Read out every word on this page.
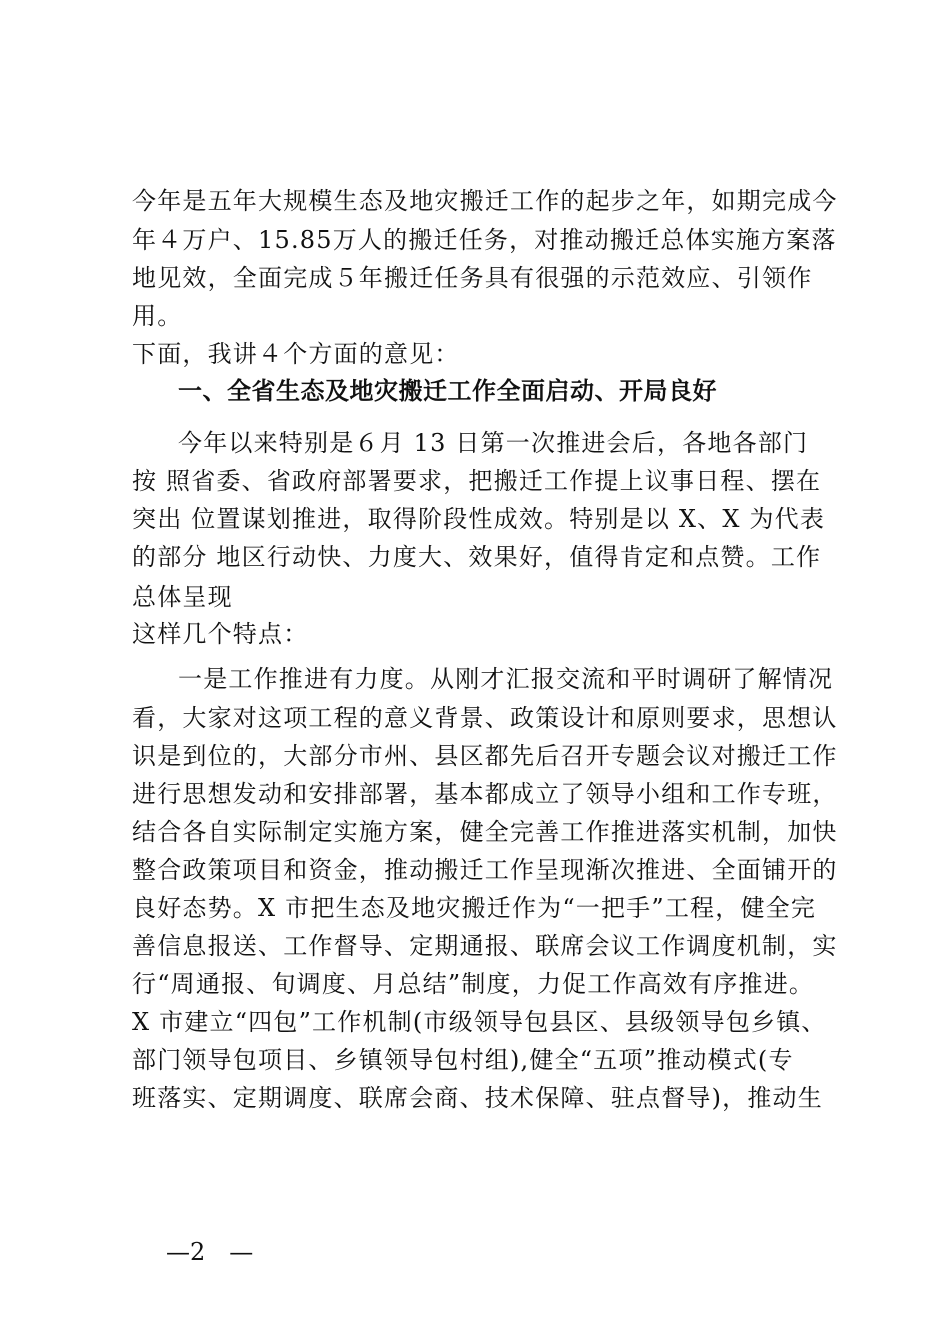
今年是五年大规模生态及地灾搬迁工作的起步之年，如期完成今
年４万户、15.85万人的搬迁任务，对推动搬迁总体实施方案落
地见效，全面完成５年搬迁任务具有很强的示范效应、引领作
用。
下面，我讲４个方面的意见：
一、全省生态及地灾搬迁工作全面启动、开局良好
今年以来特别是６月 13 日第一次推进会后，各地各部门
按 照省委、省政府部署要求，把搬迁工作提上议事日程、摆在
突出 位置谋划推进，取得阶段性成效。特别是以 X、X 为代表
的部分 地区行动快、力度大、效果好，值得肯定和点赞。工作
总体呈现
这样几个特点：
一是工作推进有力度。从刚才汇报交流和平时调研了解情况
看，大家对这项工程的意义背景、政策设计和原则要求，思想认
识是到位的，大部分市州、县区都先后召开专题会议对搬迁工作
进行思想发动和安排部署，基本都成立了领导小组和工作专班，
结合各自实际制定实施方案，健全完善工作推进落实机制，加快
整合政策项目和资金，推动搬迁工作呈现渐次推进、全面铺开的
良好态势。X 市把生态及地灾搬迁作为“一把手”工程，健全完
善信息报送、工作督导、定期通报、联席会议工作调度机制，实
行“周通报、旬调度、月总结”制度，力促工作高效有序推进。
X 市建立“四包”工作机制(市级领导包县区、县级领导包乡镇、
部门领导包项目、乡镇领导包村组),健全“五项”推动模式(专
班落实、定期调度、联席会商、技术保障、驻点督导)，推动生
—2　—
